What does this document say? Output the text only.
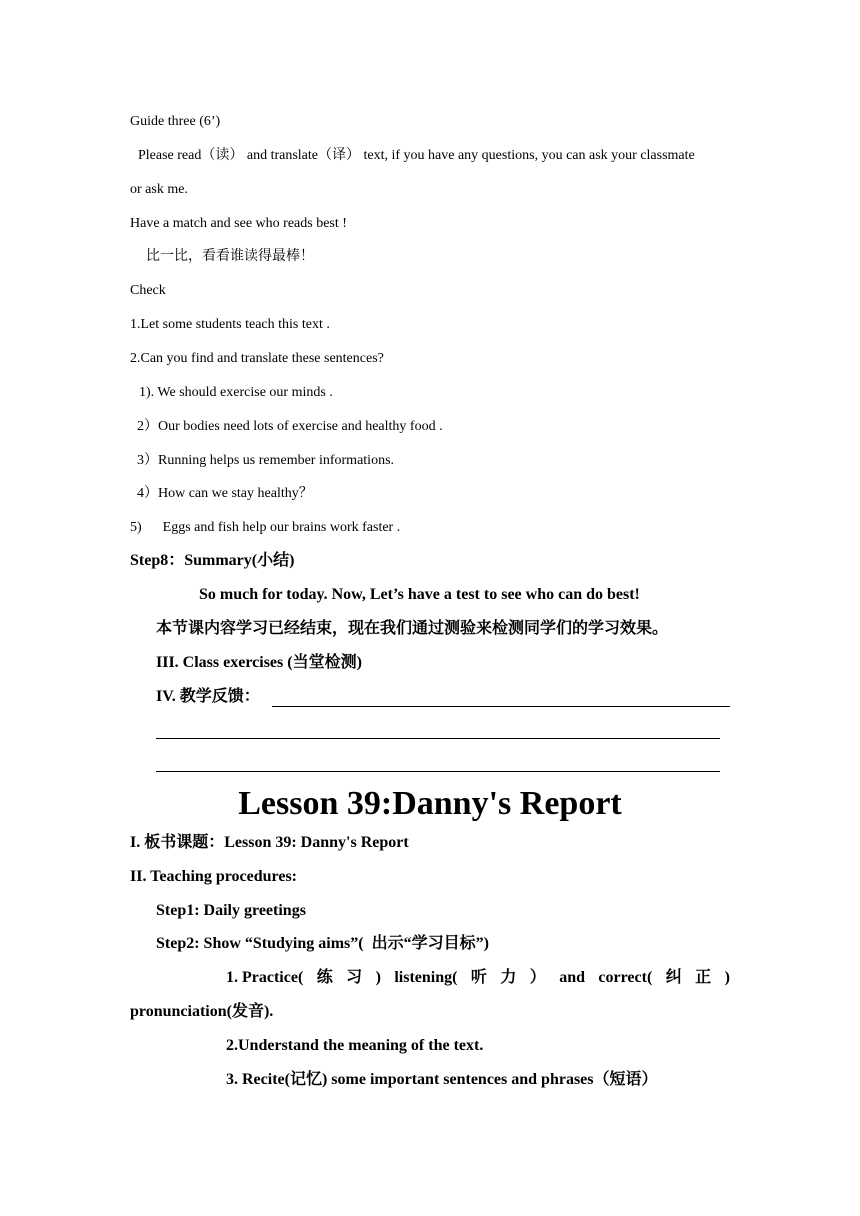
Guide three (6’)
Please read（读） and translate（译） text, if you have any questions, you can ask your classmate
or ask me.
Have a match and see who reads best !
比一比，看看谁读得最棒！
Check
1.Let some students teach this text .
2.Can you find and translate these sentences?
1). We should exercise our minds .
2）Our bodies need lots of exercise and healthy food .
3）Running helps us remember informations.
4）How can we stay healthy？
5)      Eggs and fish help our brains work faster .
Step8：Summary(小结)
So much for today. Now, Let’s have a test to see who can do best!
本节课内容学习已经结束，现在我们通过测验来检测同学们的学习效果。
III. Class exercises (当堂检测)
IV. 教学反馈：
Lesson 39:Danny's Report
I. 板书课题：Lesson 39: Danny's Report
II. Teaching procedures:
Step1: Daily greetings
Step2: Show “Studying aims”(  出示“学习目标”)
1. Practice( 练 习 ) listening( 听 力 ） and correct( 纠 正 )
pronunciation(发音).
2.Understand the meaning of the text.
3. Recite(记忆) some important sentences and phrases（短语）
